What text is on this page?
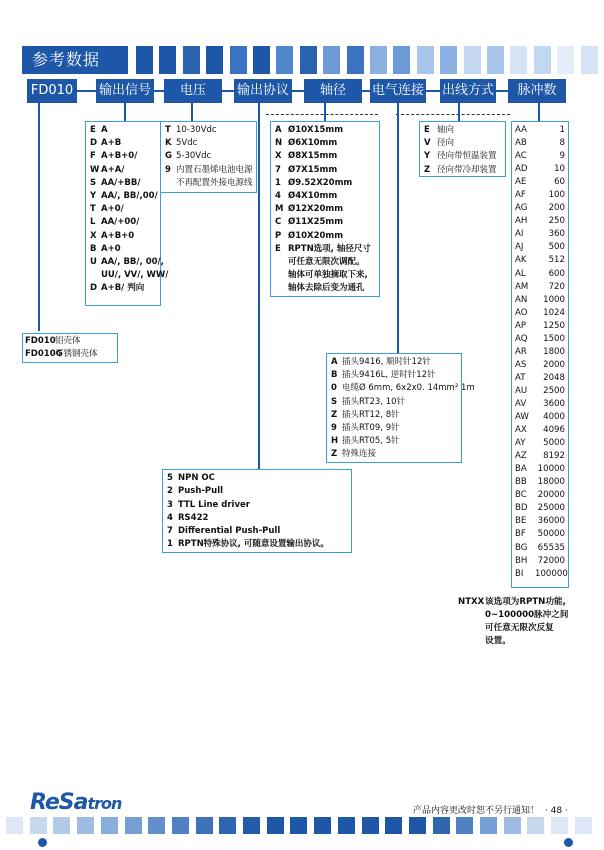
参考数据
FD010 输出信号	电压	输出协议	轴径	电气连接 出线方式	脉冲数
FD010铝壳体
FD010G不锈钢壳体
E A
D A+B
F A+B+0/
W A+A/
S AA/+BB/
Y AA/, BB/,00/
T A+0/
L AA/+00/
X A+B+0
B A+0
U AA/, BB/, 00/,
UU/, VV/, WW/
D A+B/ 判向
T 10-30Vdc
K 5Vdc
G 5-30Vdc
9 内置石墨烯电池电源
不再配置外接电源线
A Ø10X15mm
N Ø6X10mm
X Ø8X15mm
7 Ø7X15mm
1 Ø9.52X20mm
4 Ø4X10mm
M Ø12X20mm
C Ø11X25mm
P Ø10X20mm
E RPTN选项, 轴径尺寸
可任意无限次调配。
轴体可单独摘取下来,
轴体去除后变为通孔
E 轴向
V 径向
Y 径向带恒温装置
Z 径向带冷却装置
A 插头9416, 顺时针12针
B 插头9416L, 逆时针12针
0 电缆Ø 6mm, 6x2x0. 14mm² 1m
S 插头RT23, 10针
Z 插头RT12, 8针
9 插头RT09, 9针
H 插头RT05, 5针
Z 特殊连接
5 NPN OC
2 Push-Pull
3 TTL Line driver
4 RS422
7 Differential Push-Pull
1 RPTN特殊协议, 可随意设置输出协议。
AA	1
AB	8
AC	9
AD	10
AE	60
AF	100
AG 200
AH 250
AI	360
AJ	500
AK	512
AL	600
AM 720
AN 1000
AO 1024
AP 1250
AQ 1500
AR 1800
AS 2000
AT 2048
AU 2500
AV 3600
AW 4000
AX 4096
AY 5000
AZ 8192
BA 10000
BB 18000
BC 20000
BD 25000
BE 36000
BF 50000
BG 65535
BH 72000
BI 100000
NTXX 该选项为RPTN功能,
0~100000脉冲之间
可任意无限次反复
设置。
ReSatron	产品内容更改时恕不另行通知！ · 48 ·
